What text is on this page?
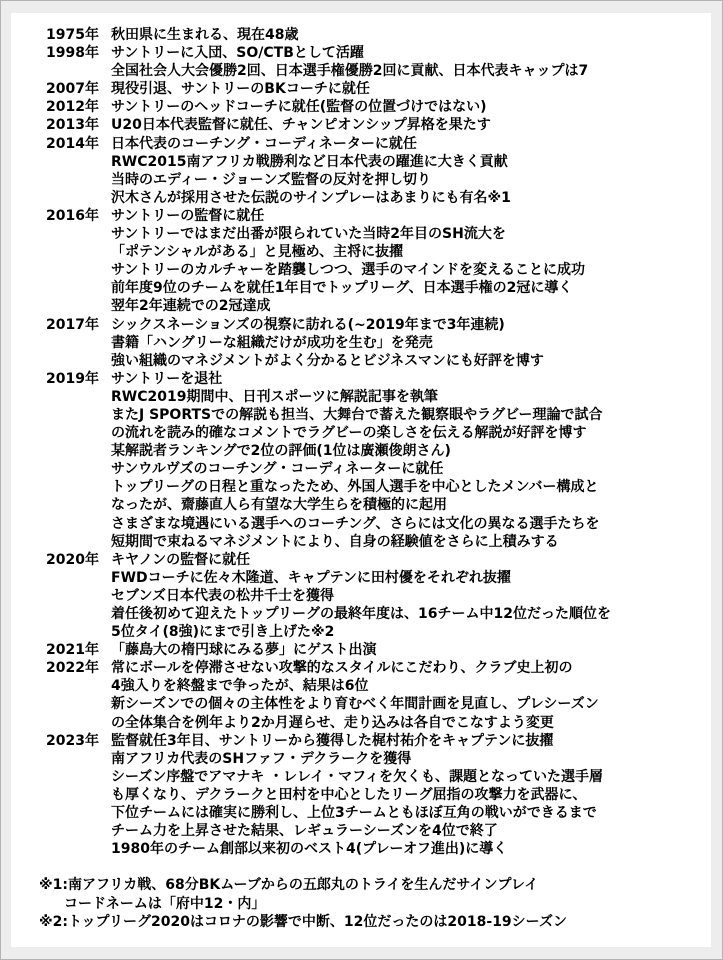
1975年 秋田県に生まれる、現在48歳
1998年 サントリーに入団、SO/CTBとして活躍
全国社会人大会優勝2回、日本選手権優勝2回に貢献、日本代表キャップは7
2007年 現役引退、サントリーのBKコーチに就任
2012年 サントリーのヘッドコーチに就任(監督の位置づけではない)
2013年 U20日本代表監督に就任、チャンピオンシップ昇格を果たす
2014年 日本代表のコーチング・コーディネーターに就任
RWC2015南アフリカ戦勝利など日本代表の躍進に大きく貢献
当時のエディー・ジョーンズ監督の反対を押し切り
沢木さんが採用させた伝説のサインプレーはあまりにも有名※1
2016年 サントリーの監督に就任
サントリーではまだ出番が限られていた当時2年目のSH流大を
「ポテンシャルがある」と見極め、主将に抜擢
サントリーのカルチャーを踏襲しつつ、選手のマインドを変えることに成功
前年度9位のチームを就任1年目でトップリーグ、日本選手権の2冠に導く
翌年2年連続での2冠達成
2017年 シックスネーションズの視察に訪れる(~2019年まで3年連続)
書籍「ハングリーな組織だけが成功を生む」を発売
強い組織のマネジメントがよく分かるとビジネスマンにも好評を博す
2019年 サントリーを退社
RWC2019期間中、日刊スポーツに解説記事を執筆
またJ SPORTSでの解説も担当、大舞台で蓄えた観察眼やラグビー理論で試合
の流れを読み的確なコメントでラグビーの楽しさを伝える解説が好評を博す
某解説者ランキングで2位の評価(1位は廣瀬俊朗さん)
サンウルヴズのコーチング・コーディネーターに就任
トップリーグの日程と重なったため、外国人選手を中心としたメンバー構成と
なったが、齋藤直人ら有望な大学生らを積極的に起用
さまざまな境遇にいる選手へのコーチング、さらには文化の異なる選手たちを
短期間で束ねるマネジメントにより、自身の経験値をさらに上積みする
2020年 キヤノンの監督に就任
FWDコーチに佐々木隆道、キャプテンに田村優をそれぞれ抜擢
セブンズ日本代表の松井千士を獲得
着任後初めて迎えたトップリーグの最終年度は、16チーム中12位だった順位を
5位タイ(8強)にまで引き上げた※2
2021年 「藤島大の楕円球にみる夢」にゲスト出演
2022年 常にボールを停滞させない攻撃的なスタイルにこだわり、クラブ史上初の
4強入りを終盤まで争ったが、結果は6位
新シーズンでの個々の主体性をより育むべく年間計画を見直し、プレシーズン
の全体集合を例年より2か月遅らせ、走り込みは各自でこなすよう変更
2023年 監督就任3年目、サントリーから獲得した梶村祐介をキャプテンに抜擢
南アフリカ代表のSHファフ・デクラークを獲得
シーズン序盤でアマナキ ・レレイ・マフィを欠くも、課題となっていた選手層
も厚くなり、デクラークと田村を中心としたリーグ屈指の攻撃力を武器に、
下位チームには確実に勝利し、上位3チームともほぼ互角の戦いができるまで
チーム力を上昇させた結果、レギュラーシーズンを4位で終了
1980年のチーム創部以来初のベスト4(プレーオフ進出)に導く
※1:南アフリカ戦、68分BKムーブからの五郎丸のトライを生んだサインプレイ
コードネームは「府中12・内」
※2:トップリーグ2020はコロナの影響で中断、12位だったのは2018-19シーズン
